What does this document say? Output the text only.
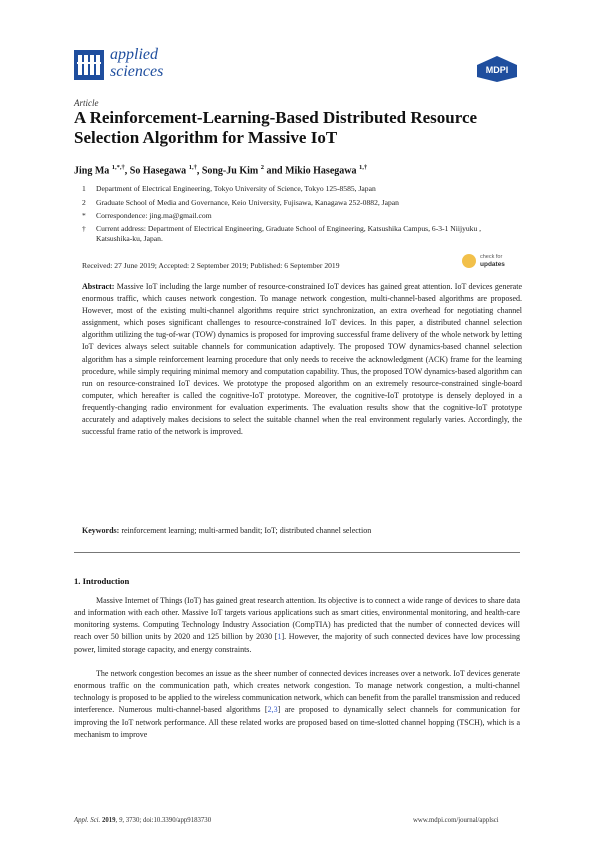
applied
sciences	MDPI
Article
A Reinforcement-Learning-Based Distributed Resource Selection Algorithm for Massive IoT
Jing Ma $^{1,*,\dagger}$, So Hasegawa $^{1,\dagger}$, Song-Ju Kim $^2$ and Mikio Hasegawa $^{1,\dagger}$
1	Department of Electrical Engineering, Tokyo University of Science, Tokyo 125-8585, Japan
2	Graduate School of Media and Governance, Keio University, Fujisawa, Kanagawa 252-0882, Japan
*	Correspondence: jing.ma@gmail.com
†	Current address: Department of Electrical Engineering, Graduate School of Engineering, Katsushika Campus, 6-3-1 Niijyuku , Katsushika-ku, Japan.
Received: 27 June 2019; Accepted: 2 September 2019; Published: 6 September 2019
check for
updates

Abstract: Massive IoT including the large number of resource-constrained IoT devices has gained great attention. IoT devices generate enormous traffic, which causes network congestion. To manage network congestion, multi-channel-based algorithms are proposed. However, most of the existing multi-channel algorithms require strict synchronization, an extra overhead for negotiating channel assignment, which poses significant challenges to resource-constrained IoT devices. In this paper, a distributed channel selection algorithm utilizing the tug-of-war (TOW) dynamics is proposed for improving successful frame delivery of the whole network by letting IoT devices always select suitable channels for communication adaptively. The proposed TOW dynamics-based channel selection algorithm has a simple reinforcement learning procedure that only needs to receive the acknowledgment (ACK) frame for the learning procedure, while simply requiring minimal memory and computation capability. Thus, the proposed TOW dynamics-based algorithm can run on resource-constrained IoT devices. We prototype the proposed algorithm on an extremely resource-constrained single-board computer, which hereafter is called the cognitive-IoT prototype. Moreover, the cognitive-IoT prototype is densely deployed in a frequently-changing radio environment for evaluation experiments. The evaluation results show that the cognitive-IoT prototype accurately and adaptively makes decisions to select the suitable channel when the real environment regularly varies. Accordingly, the successful frame ratio of the network is improved.

Keywords: reinforcement learning; multi-armed bandit; IoT; distributed channel selection
1. Introduction

Massive Internet of Things (IoT) has gained great research attention. Its objective is to connect a wide range of devices to share data and information with each other. Massive IoT targets various applications such as smart cities, environmental monitoring, and health-care monitoring systems. Computing Technology Industry Association (CompTIA) has predicted that the number of connected devices will reach over 50 billion units by 2020 and 125 billion by 2030 [1]. However, the majority of such connected devices have low processing power, limited storage capacity, and energy constraints.

The network congestion becomes an issue as the sheer number of connected devices increases over a network. IoT devices generate enormous traffic on the communication path, which creates network congestion. To manage network congestion, a multi-channel technology is proposed to be applied to the wireless communication network, which can benefit from the parallel transmission and reduced interference. Numerous multi-channel-based algorithms [2,3] are proposed to dynamically select channels for communication for improving the IoT network performance. All these related works are proposed based on time-slotted channel hopping (TSCH), which is a mechanism to improve

Appl. Sci. 2019, 9, 3730; doi:10.3390/app9183730	www.mdpi.com/journal/applsci
